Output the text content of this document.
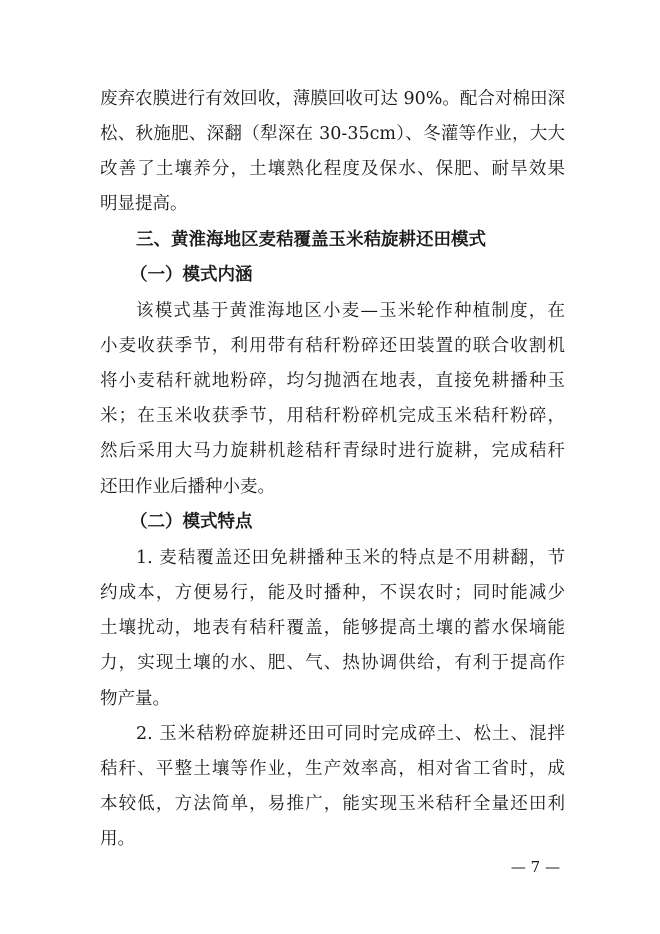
废弃农膜进行有效回收，薄膜回收可达 90%。配合对棉田深
松、秋施肥、深翻（犁深在 30-35cm）、冬灌等作业，大大
改善了土壤养分，土壤熟化程度及保水、保肥、耐旱效果
明显提高。
三、黄淮海地区麦秸覆盖玉米秸旋耕还田模式
（一）模式内涵
该模式基于黄淮海地区小麦—玉米轮作种植制度，在
小麦收获季节，利用带有秸秆粉碎还田装置的联合收割机
将小麦秸秆就地粉碎，均匀抛洒在地表，直接免耕播种玉
米；在玉米收获季节，用秸秆粉碎机完成玉米秸秆粉碎，
然后采用大马力旋耕机趁秸秆青绿时进行旋耕，完成秸秆
还田作业后播种小麦。
（二）模式特点
1. 麦秸覆盖还田免耕播种玉米的特点是不用耕翻，节
约成本，方便易行，能及时播种，不误农时；同时能减少
土壤扰动，地表有秸秆覆盖，能够提高土壤的蓄水保墒能
力，实现土壤的水、肥、气、热协调供给，有利于提高作
物产量。
2. 玉米秸粉碎旋耕还田可同时完成碎土、松土、混拌
秸秆、平整土壤等作业，生产效率高，相对省工省时，成
本较低，方法简单，易推广，能实现玉米秸秆全量还田利
用。
— 7 —
